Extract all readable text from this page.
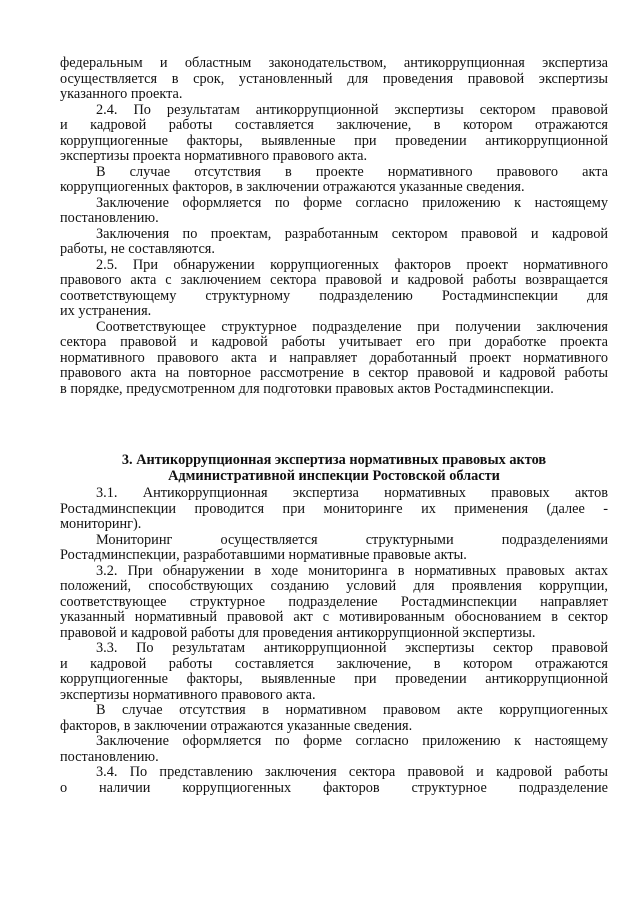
федеральным и областным законодательством, антикоррупционная экспертиза
осуществляется в срок, установленный для проведения правовой экспертизы
указанного проекта.
2.4. По результатам антикоррупционной экспертизы сектором правовой
и кадровой работы составляется заключение, в котором отражаются
коррупциогенные факторы, выявленные при проведении антикоррупционной
экспертизы проекта нормативного правового акта.
В случае отсутствия в проекте нормативного правового акта
коррупциогенных факторов, в заключении отражаются указанные сведения.
Заключение оформляется по форме согласно приложению к настоящему
постановлению.
Заключения по проектам, разработанным сектором правовой и кадровой
работы, не составляются.
2.5. При обнаружении коррупциогенных факторов проект нормативного
правового акта с заключением сектора правовой и кадровой работы возвращается
соответствующему структурному подразделению Ростадминспекции для
их устранения.
Соответствующее структурное подразделение при получении заключения
сектора правовой и кадровой работы учитывает его при доработке проекта
нормативного правового акта и направляет доработанный проект нормативного
правового акта на повторное рассмотрение в сектор правовой и кадровой работы
в порядке, предусмотренном для подготовки правовых актов Ростадминспекции.
3. Антикоррупционная экспертиза нормативных правовых актов
Административной инспекции Ростовской области
3.1. Антикоррупционная экспертиза нормативных правовых актов
Ростадминспекции проводится при мониторинге их применения (далее -
мониторинг).
Мониторинг осуществляется структурными подразделениями
Ростадминспекции, разработавшими нормативные правовые акты.
3.2. При обнаружении в ходе мониторинга в нормативных правовых актах
положений, способствующих созданию условий для проявления коррупции,
соответствующее структурное подразделение Ростадминспекции направляет
указанный нормативный правовой акт с мотивированным обоснованием в сектор
правовой и кадровой работы для проведения антикоррупционной экспертизы.
3.3. По результатам антикоррупционной экспертизы сектор правовой
и кадровой работы составляется заключение, в котором отражаются
коррупциогенные факторы, выявленные при проведении антикоррупционной
экспертизы нормативного правового акта.
В случае отсутствия в нормативном правовом акте коррупциогенных
факторов, в заключении отражаются указанные сведения.
Заключение оформляется по форме согласно приложению к настоящему
постановлению.
3.4. По представлению заключения сектора правовой и кадровой работы
о наличии коррупциогенных факторов структурное подразделение
